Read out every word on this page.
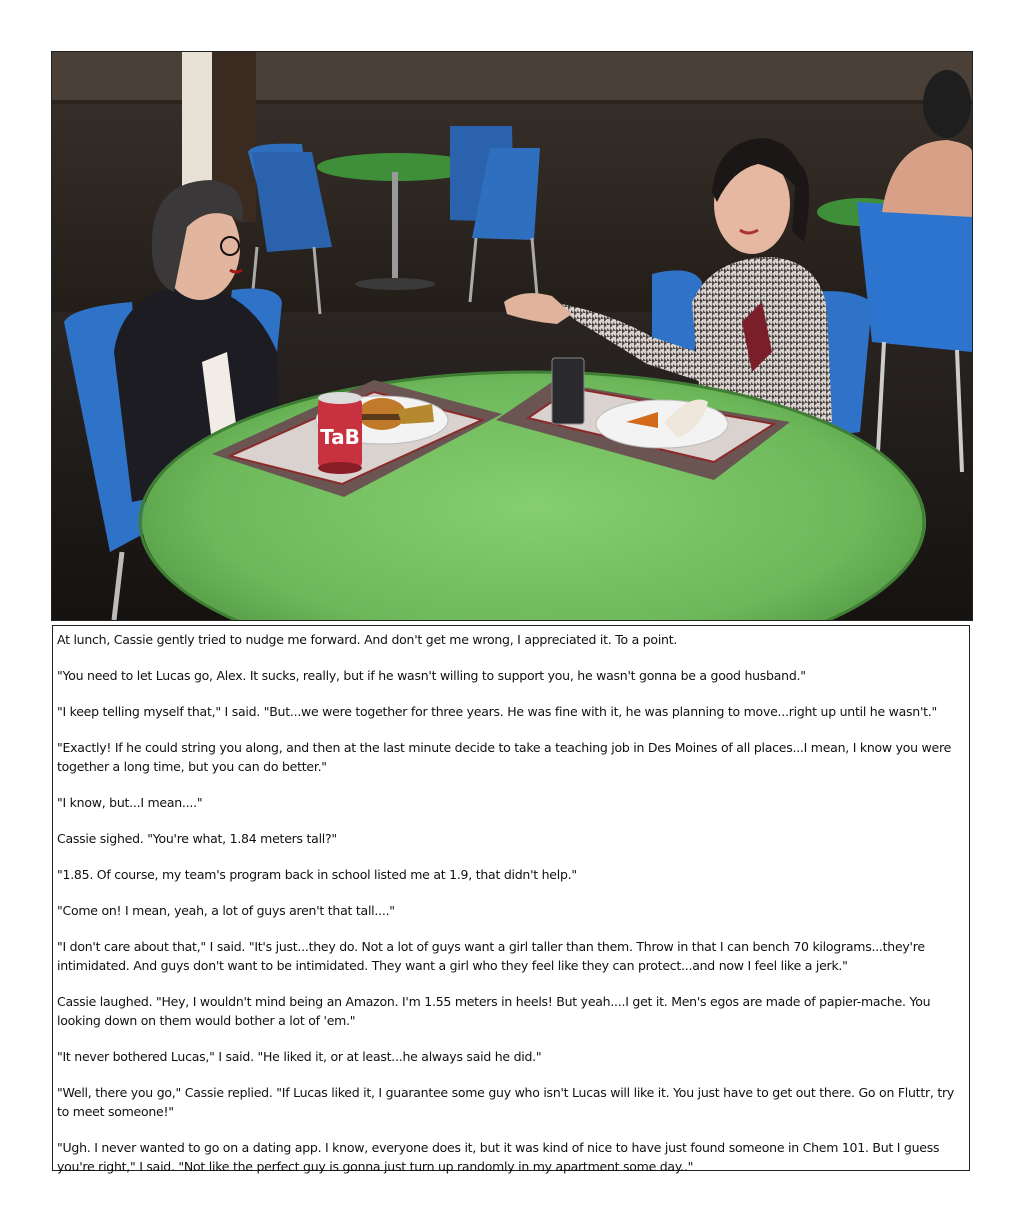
TaB

At lunch, Cassie gently tried to nudge me forward. And don't get me wrong, I appreciated it. To a point.

"You need to let Lucas go, Alex. It sucks, really, but if he wasn't willing to support you, he wasn't gonna be a good husband."

"I keep telling myself that," I said. "But...we were together for three years. He was fine with it, he was planning to move...right up until he wasn't."

"Exactly! If he could string you along, and then at the last minute decide to take a teaching job in Des Moines of all places...I mean, I know you were together a long time, but you can do better."

"I know, but...I mean...."

Cassie sighed. "You're what, 1.84 meters tall?"

"1.85. Of course, my team's program back in school listed me at 1.9, that didn't help."

"Come on! I mean, yeah, a lot of guys aren't that tall...."

"I don't care about that," I said. "It's just...they do. Not a lot of guys want a girl taller than them. Throw in that I can bench 70 kilograms...they're intimidated. And guys don't want to be intimidated. They want a girl who they feel like they can protect...and now I feel like a jerk."

Cassie laughed. "Hey, I wouldn't mind being an Amazon. I'm 1.55 meters in heels! But yeah....I get it. Men's egos are made of papier-mache. You looking down on them would bother a lot of 'em."

"It never bothered Lucas," I said. "He liked it, or at least...he always said he did."

"Well, there you go," Cassie replied. "If Lucas liked it, I guarantee some guy who isn't Lucas will like it. You just have to get out there. Go on Fluttr, try to meet someone!"

"Ugh. I never wanted to go on a dating app. I know, everyone does it, but it was kind of nice to have just found someone in Chem 101. But I guess you're right," I said. "Not like the perfect guy is gonna just turn up randomly in my apartment some day.."
